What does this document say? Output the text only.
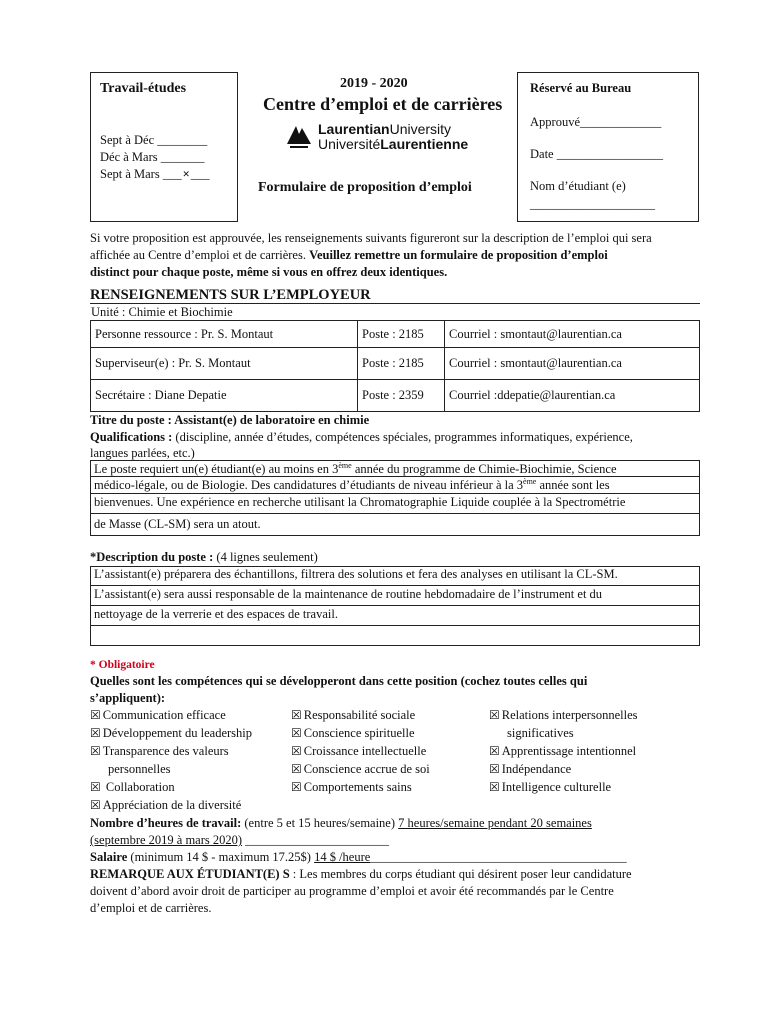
Travail-études
Sept à Déc ________
Déc à Mars _______
Sept à Mars ___×___
2019 - 2020
Centre d’emploi et de carrières
LaurentianUniversity
UniversitéLaurentienne
Formulaire de proposition d’emploi
Réservé au Bureau
Approuvé_____________
Date _________________
Nom d’étudiant (e)
____________________
Si votre proposition est approuvée, les renseignements suivants figureront sur la description de l’emploi qui sera
affichée au Centre d’emploi et de carrières. Veuillez remettre un formulaire de proposition d’emploi
distinct pour chaque poste, même si vous en offrez deux identiques.
RENSEIGNEMENTS SUR L’EMPLOYEUR
Unité : Chimie et Biochimie
Personne ressource : Pr. S. Montaut	Poste : 2185	Courriel : smontaut@laurentian.ca
Superviseur(e) : Pr. S. Montaut	Poste : 2185	Courriel : smontaut@laurentian.ca
Secrétaire : Diane Depatie	Poste : 2359	Courriel :ddepatie@laurentian.ca
Titre du poste : Assistant(e) de laboratoire en chimie
Qualifications : (discipline, année d’études, compétences spéciales, programmes informatiques, expérience,
langues parlées, etc.)
Le poste requiert un(e) étudiant(e) au moins en 3ème année du programme de Chimie-Biochimie, Science
médico-légale, ou de Biologie. Des candidatures d’étudiants de niveau inférieur à la 3ème année sont les
bienvenues. Une expérience en recherche utilisant la Chromatographie Liquide couplée à la Spectrométrie
de Masse (CL-SM) sera un atout.
*Description du poste : (4 lignes seulement)
L’assistant(e) préparera des échantillons, filtrera des solutions et fera des analyses en utilisant la CL-SM.
L’assistant(e) sera aussi responsable de la maintenance de routine hebdomadaire de l’instrument et du
nettoyage de la verrerie et des espaces de travail.
* Obligatoire
Quelles sont les compétences qui se développeront dans cette position (cochez toutes celles qui
s’appliquent):
☒ Communication efficace
☒ Développement du leadership
☒ Transparence des valeurs
personnelles
☒ Collaboration
☒ Appréciation de la diversité
☒ Responsabilité sociale
☒ Conscience spirituelle
☒ Croissance intellectuelle
☒ Conscience accrue de soi
☒ Comportements sains
☒ Relations interpersonnelles
significatives
☒ Apprentissage intentionnel
☒ Indépendance
☒ Intelligence culturelle
Nombre d’heures de travail: (entre 5 et 15 heures/semaine) 7 heures/semaine pendant 20 semaines
(septembre 2019 à mars 2020) _______________________
Salaire (minimum 14 $ - maximum 17.25$) 14 $ /heure_________________________________________
REMARQUE AUX ÉTUDIANT(E) S : Les membres du corps étudiant qui désirent poser leur candidature
doivent d’abord avoir droit de participer au programme d’emploi et avoir été recommandés par le Centre
d’emploi et de carrières.
